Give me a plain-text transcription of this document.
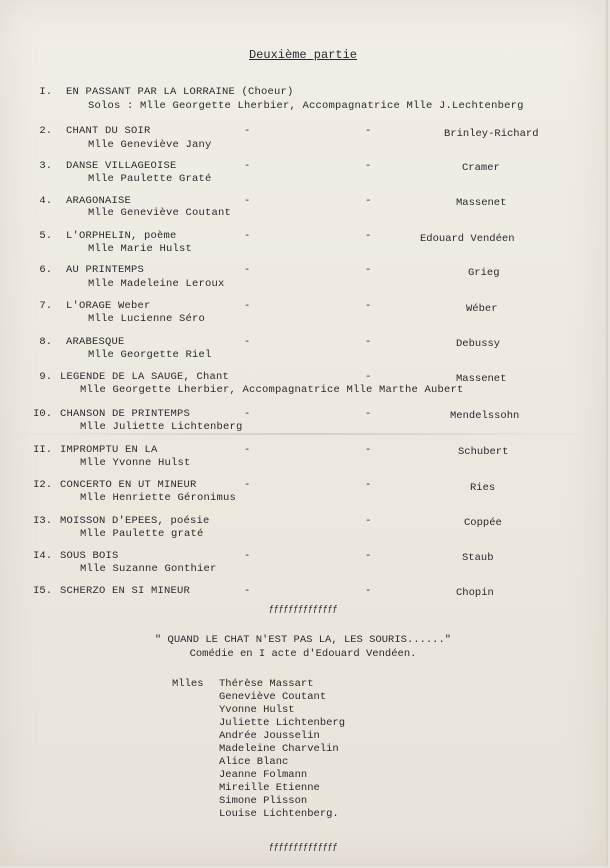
Deuxième partie
I. EN PASSANT PAR LA LORRAINE (Choeur)
Solos : Mlle Georgette Lherbier, Accompagnatrice Mlle J.Lechtenberg
2. CHANT DU SOIR	-	-	Brinley-Richard
Mlle Geneviève Jany
3. DANSE VILLAGEOISE	-	-	Cramer
Mlle Paulette Graté
4. ARAGONAISE	-	-	Massenet
Mlle Geneviève Coutant
5. L'ORPHELIN, poème	-	-	Edouard Vendéen
Mlle Marie Hulst
6. AU PRINTEMPS	-	-	Grieg
Mlle Madeleine Leroux
7. L'ORAGE Weber	-	-	Wéber
Mlle Lucienne Séro
8. ARABESQUE	-	-	Debussy
Mlle Georgette Riel
9. LEGENDE DE LA SAUGE, Chant	-	Massenet
Mlle Georgette Lherbier, Accompagnatrice Mlle Marthe Aubert
I0. CHANSON DE PRINTEMPS	-	-	Mendelssohn
Mlle Juliette Lichtenberg
II. IMPROMPTU EN LA	-	-	Schubert
Mlle Yvonne Hulst
I2. CONCERTO EN UT MINEUR	-	-	Ries
Mlle Henriette Géronimus
I3. MOISSON D'EPEES, poésie	-	Coppée
Mlle Paulette graté
I4. SOUS BOIS	-	-	Staub
Mlle Suzanne Gonthier
I5. SCHERZO EN SI MINEUR	-	-	Chopin
ƒƒƒƒƒƒƒƒƒƒƒƒƒƒ
" QUAND LE CHAT N'EST PAS LA, LES SOURIS......"
Comédie en I acte d'Edouard Vendéen.
Mlles Thérèse Massart
Geneviève Coutant
Yvonne Hulst
Juliette Lichtenberg
Andrée Jousselin
Madeleine Charvelin
Alice Blanc
Jeanne Folmann
Mireille Etienne
Simone Plisson
Louise Lichtenberg.
ƒƒƒƒƒƒƒƒƒƒƒƒƒƒ
